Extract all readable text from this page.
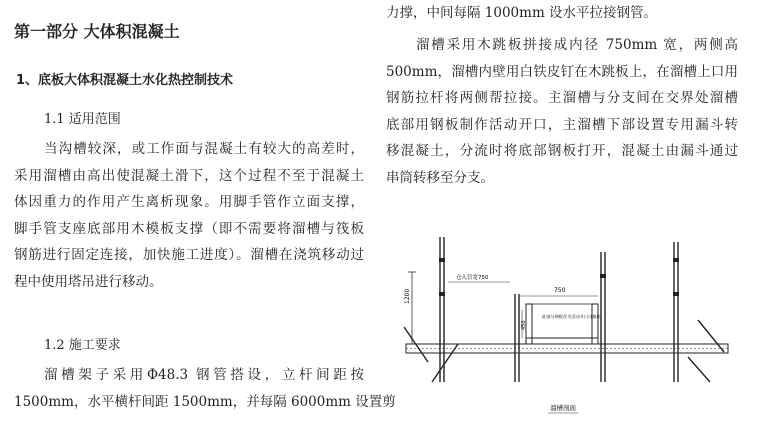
第一部分 大体积混凝土
1、底板大体积混凝土水化热控制技术
1.1 适用范围
当沟槽较深，或工作面与混凝土有较大的高差时，
采用溜槽由高出使混凝土滑下，这个过程不至于混凝土
体因重力的作用产生离析现象。用脚手管作立面支撑，
脚手管支座底部用木模板支撑（即不需要将溜槽与筏板
钢筋进行固定连接，加快施工进度）。溜槽在浇筑移动过
程中使用塔吊进行移动。
1.2 施工要求
溜槽架子采用Φ48.3 钢管搭设，立杆间距按
1500mm，水平横杆间距 1500mm，并每隔 6000mm 设置剪
力撑，中间每隔 1000mm 设水平拉接钢管。
溜槽采用木跳板拼接成内径 750mm 宽，两侧高
500mm，溜槽内壁用白铁皮钉在木跳板上，在溜槽上口用
钢筋拉杆将两侧帮拉接。主溜槽与分支间在交界处溜槽
底部用钢板制作活动开口，主溜槽下部设置专用漏斗转
移混凝土，分流时将底部钢板打开，混凝土由漏斗通过
串筒转移至分支。
1200
仓入管宽750
750
450
此部分钢板作为活动开口可抽出
溜槽剖面
